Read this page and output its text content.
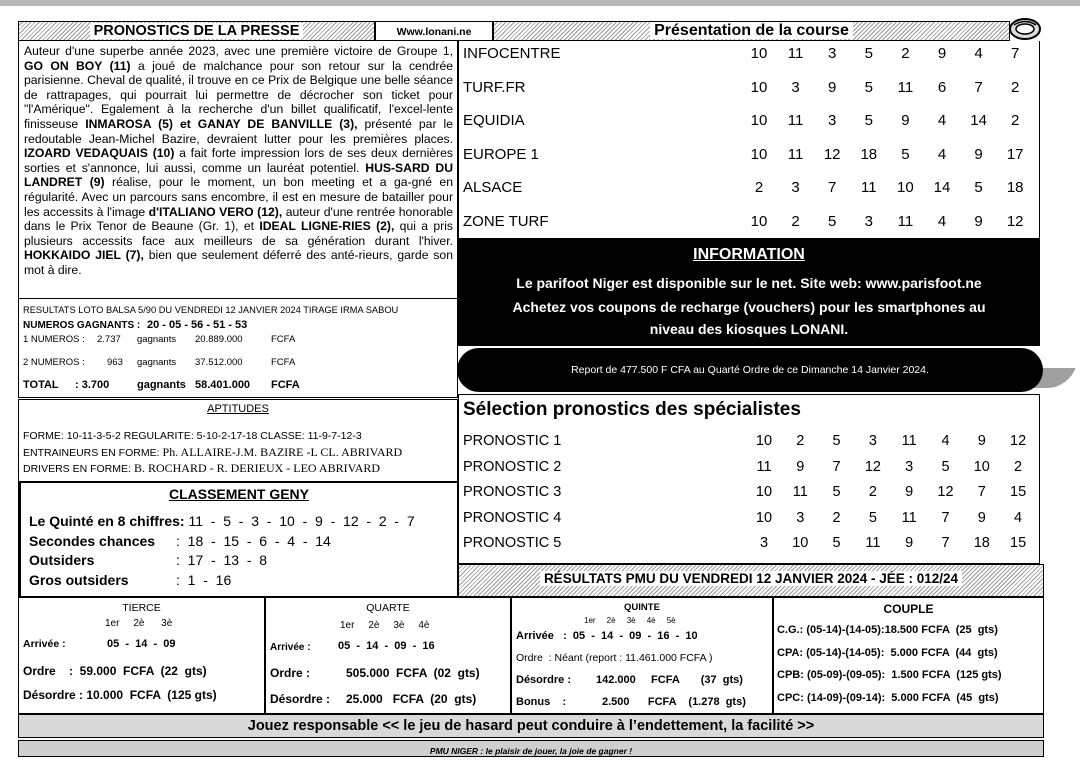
PRONOSTICS DE LA PRESSE	Www.lonani.ne	Présentation de la course

Auteur d'une superbe année 2023, avec une première victoire de Groupe 1, GO ON BOY (11) a joué de malchance pour son retour sur la cendrée parisienne. Cheval de qualité, il trouve en ce Prix de Belgique une belle séance de rattrapages, qui pourrait lui permettre de décrocher son ticket pour "l'Amérique". Egalement à la recherche d'un billet qualificatif, l'excel-lente finisseuse INMAROSA (5) et GANAY DE BANVILLE (3), présenté par le redoutable Jean-Michel Bazire, devraient lutter pour les premières places. IZOARD VEDAQUAIS (10) a fait forte impression lors de ses deux dernières sorties et s'annonce, lui aussi, comme un lauréat potentiel. HUS-SARD DU LANDRET (9) réalise, pour le moment, un bon meeting et a ga-gné en régularité. Avec un parcours sans encombre, il est en mesure de batailler pour les accessits à l'image d'ITALIANO VERO (12), auteur d'une rentrée honorable dans le Prix Tenor de Beaune (Gr. 1), et IDEAL LIGNE-RIES (2), qui a pris plusieurs accessits face aux meilleurs de sa génération durant l'hiver. HOKKAIDO JIEL (7), bien que seulement déferré des anté-rieurs, garde son mot à dire.

RESULTATS LOTO BALSA 5/90 DU VENDREDI 12 JANVIER 2024 TIRAGE IRMA SABOU
NUMEROS GAGNANTS : 20 - 05 - 56 - 51 - 53
1 NUMEROS : 2.737 gagnants 20.889.000	FCFA
2 NUMEROS : 963 gagnants 37.512.000	FCFA
TOTAL : 3.700	gagnants 58.401.000 FCFA
APTITUDES
FORME: 10-11-3-5-2 REGULARITE: 5-10-2-17-18 CLASSE: 11-9-7-12-3
ENTRAINEURS EN FORME: Ph. ALLAIRE-J.M. BAZIRE -L CL. ABRIVARD
DRIVERS EN FORME: B. ROCHARD - R. DERIEUX - LEO ABRIVARD
CLASSEMENT GENY
Le Quinté en 8 chiffres: 11  -  5  -  3  -  10  -  9  -  12  -  2  -  7
Secondes chances :  18  -  15  -  6  -  4  -  14
Outsiders	:  17  -  13  -  8
Gros outsiders	:  1  -  16
INFOCENTRE	10	11	3	5	2	9	4	7
TURF.FR	10	3	9	5	11	6	7	2
EQUIDIA	10	11	3	5	9	4	14	2
EUROPE 1	10	11	12	18	5	4	9	17
ALSACE	2	3	7	11	10	14	5	18
ZONE TURF	10	2	5	3	11	4	9	12
INFORMATION
Le parifoot Niger est disponible sur le net. Site web: www.parisfoot.ne
Achetez vos coupons de recharge (vouchers) pour les smartphones au
niveau des kiosques LONANI.
Report de 477.500 F CFA au Quarté Ordre de ce Dimanche 14 Janvier 2024.
Sélection pronostics des spécialistes
PRONOSTIC 1	10	2	5	3	11	4	9	12
PRONOSTIC 2	11	9	7	12	3	5	10	2
PRONOSTIC 3	10	11	5	2	9	12	7	15
PRONOSTIC 4	10	3	2	5	11	7	9	4
PRONOSTIC 5	3	10	5	11	9	7	18	15
RÉSULTATS PMU DU VENDREDI 12 JANVIER 2024 - JÉE : 012/24
TIERCE
1er     2è      3è
Arrivée :	05  -  14  -  09
Ordre    :  59.000  FCFA  (22  gts)
Désordre : 10.000  FCFA  (125 gts)
QUARTE
1er     2è     3è     4è
Arrivée : 05  -  14  -  09  -  16
Ordre :	505.000  FCFA  (02  gts)
Désordre : 25.000   FCFA  (20  gts)
QUINTE
1er     2è     3è     4è     5è
Arrivée   :  05  -  14  -  09  -  16  -  10
Ordre  : Néant (report : 11.461.000 FCFA )
Désordre : 142.000     FCFA       (37  gts)
Bonus    :	2.500      FCFA    (1.278  gts)
COUPLE
C.G.: (05-14)-(14-05):18.500 FCFA  (25  gts)
CPA: (05-14)-(14-05):  5.000 FCFA  (44  gts)
CPB: (05-09)-(09-05):  1.500 FCFA  (125 gts)
CPC: (14-09)-(09-14):  5.000 FCFA  (45  gts)
Jouez responsable << le jeu de hasard peut conduire à l’endettement, la facilité >>
PMU NIGER : le plaisir de jouer, la joie de gagner !
